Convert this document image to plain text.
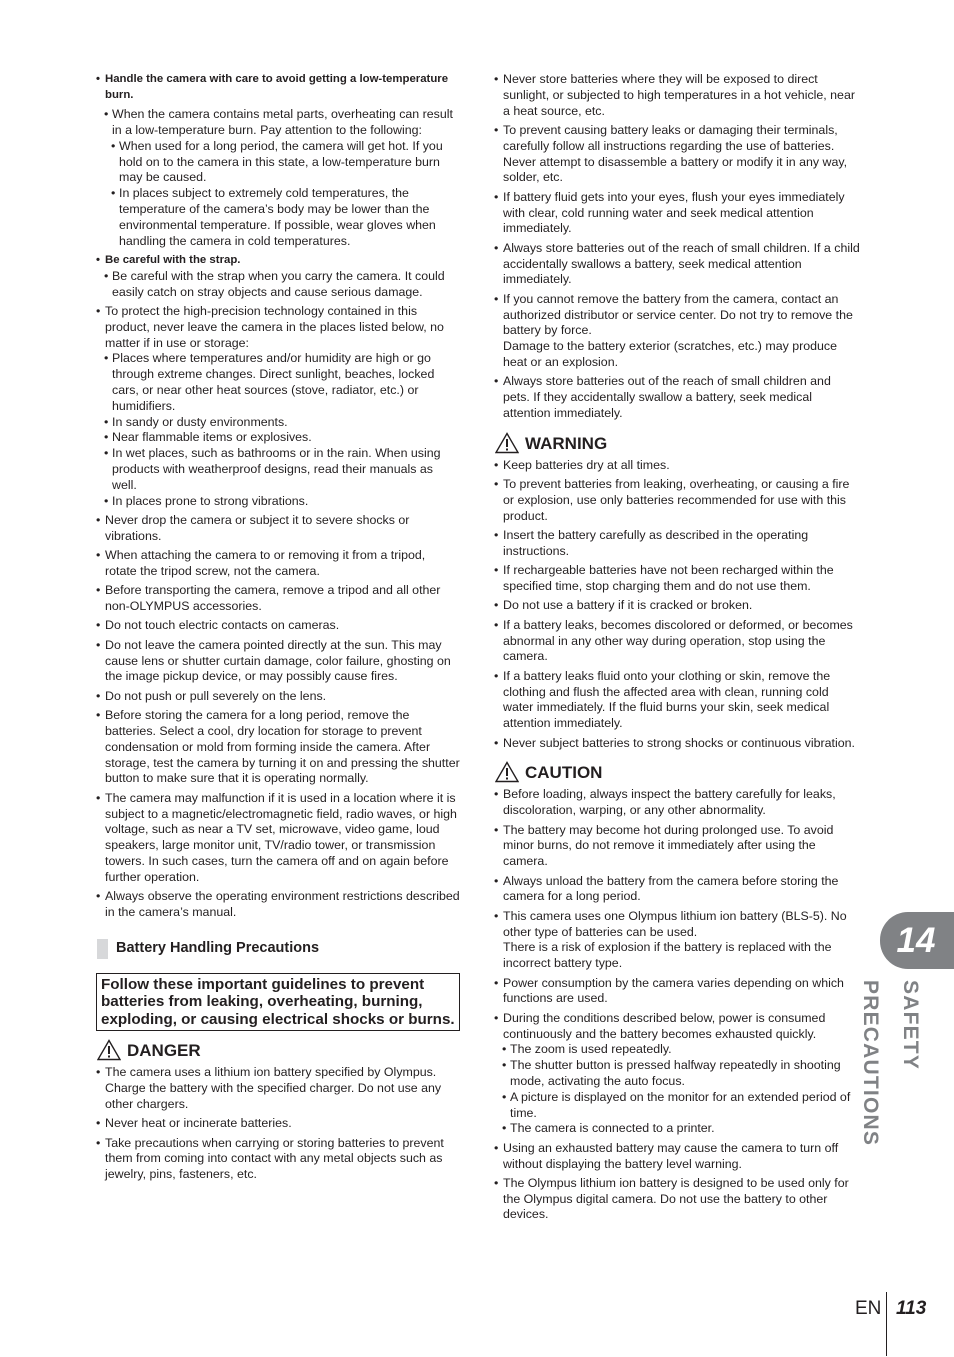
• Handle the camera with care to avoid getting a low-temperature burn.
• When the camera contains metal parts, overheating can result in a low-temperature burn. Pay attention to the following:
• When used for a long period, the camera will get hot. If you hold on to the camera in this state, a low-temperature burn may be caused.
• In places subject to extremely cold temperatures, the temperature of the camera’s body may be lower than the environmental temperature. If possible, wear gloves when handling the camera in cold temperatures.
• Be careful with the strap.
• Be careful with the strap when you carry the camera. It could easily catch on stray objects and cause serious damage.
• To protect the high-precision technology contained in this product, never leave the camera in the places listed below, no matter if in use or storage:
• Places where temperatures and/or humidity are high or go through extreme changes. Direct sunlight, beaches, locked cars, or near other heat sources (stove, radiator, etc.) or humidifiers.
• In sandy or dusty environments.
• Near flammable items or explosives.
• In wet places, such as bathrooms or in the rain. When using products with weatherproof designs, read their manuals as well.
• In places prone to strong vibrations.
• Never drop the camera or subject it to severe shocks or vibrations.
• When attaching the camera to or removing it from a tripod, rotate the tripod screw, not the camera.
• Before transporting the camera, remove a tripod and all other non-OLYMPUS accessories.
• Do not touch electric contacts on cameras.
• Do not leave the camera pointed directly at the sun. This may cause lens or shutter curtain damage, color failure, ghosting on the image pickup device, or may possibly cause fires.
• Do not push or pull severely on the lens.
• Before storing the camera for a long period, remove the batteries. Select a cool, dry location for storage to prevent condensation or mold from forming inside the camera. After storage, test the camera by turning it on and pressing the shutter button to make sure that it is operating normally.
• The camera may malfunction if it is used in a location where it is subject to a magnetic/electromagnetic field, radio waves, or high voltage, such as near a TV set, microwave, video game, loud speakers, large monitor unit, TV/radio tower, or transmission towers. In such cases, turn the camera off and on again before further operation.
• Always observe the operating environment restrictions described in the camera’s manual.
Battery Handling Precautions
Follow these important guidelines to prevent batteries from leaking, overheating, burning, exploding, or causing electrical shocks or burns.
DANGER
• The camera uses a lithium ion battery specified by Olympus. Charge the battery with the specified charger. Do not use any other chargers.
• Never heat or incinerate batteries.
• Take precautions when carrying or storing batteries to prevent them from coming into contact with any metal objects such as jewelry, pins, fasteners, etc.
• Never store batteries where they will be exposed to direct sunlight, or subjected to high temperatures in a hot vehicle, near a heat source, etc.
• To prevent causing battery leaks or damaging their terminals, carefully follow all instructions regarding the use of batteries. Never attempt to disassemble a battery or modify it in any way, solder, etc.
• If battery fluid gets into your eyes, flush your eyes immediately with clear, cold running water and seek medical attention immediately.
• Always store batteries out of the reach of small children. If a child accidentally swallows a battery, seek medical attention immediately.
• If you cannot remove the battery from the camera, contact an authorized distributor or service center. Do not try to remove the battery by force.
Damage to the battery exterior (scratches, etc.) may produce heat or an explosion.
• Always store batteries out of the reach of small children and pets. If they accidentally swallow a battery, seek medical attention immediately.
WARNING
• Keep batteries dry at all times.
• To prevent batteries from leaking, overheating, or causing a fire or explosion, use only batteries recommended for use with this product.
• Insert the battery carefully as described in the operating instructions.
• If rechargeable batteries have not been recharged within the specified time, stop charging them and do not use them.
• Do not use a battery if it is cracked or broken.
• If a battery leaks, becomes discolored or deformed, or becomes abnormal in any other way during operation, stop using the camera.
• If a battery leaks fluid onto your clothing or skin, remove the clothing and flush the affected area with clean, running cold water immediately. If the fluid burns your skin, seek medical attention immediately.
• Never subject batteries to strong shocks or continuous vibration.
CAUTION
• Before loading, always inspect the battery carefully for leaks, discoloration, warping, or any other abnormality.
• The battery may become hot during prolonged use. To avoid minor burns, do not remove it immediately after using the camera.
• Always unload the battery from the camera before storing the camera for a long period.
• This camera uses one Olympus lithium ion battery (BLS-5). No other type of batteries can be used.
There is a risk of explosion if the battery is replaced with the incorrect battery type.
• Power consumption by the camera varies depending on which functions are used.
• During the conditions described below, power is consumed continuously and the battery becomes exhausted quickly.
• The zoom is used repeatedly.
• The shutter button is pressed halfway repeatedly in shooting mode, activating the auto focus.
• A picture is displayed on the monitor for an extended period of time.
• The camera is connected to a printer.
• Using an exhausted battery may cause the camera to turn off without displaying the battery level warning.
• The Olympus lithium ion battery is designed to be used only for the Olympus digital camera. Do not use the battery to other devices.
14
SAFETY PRECAUTIONS
EN 113
